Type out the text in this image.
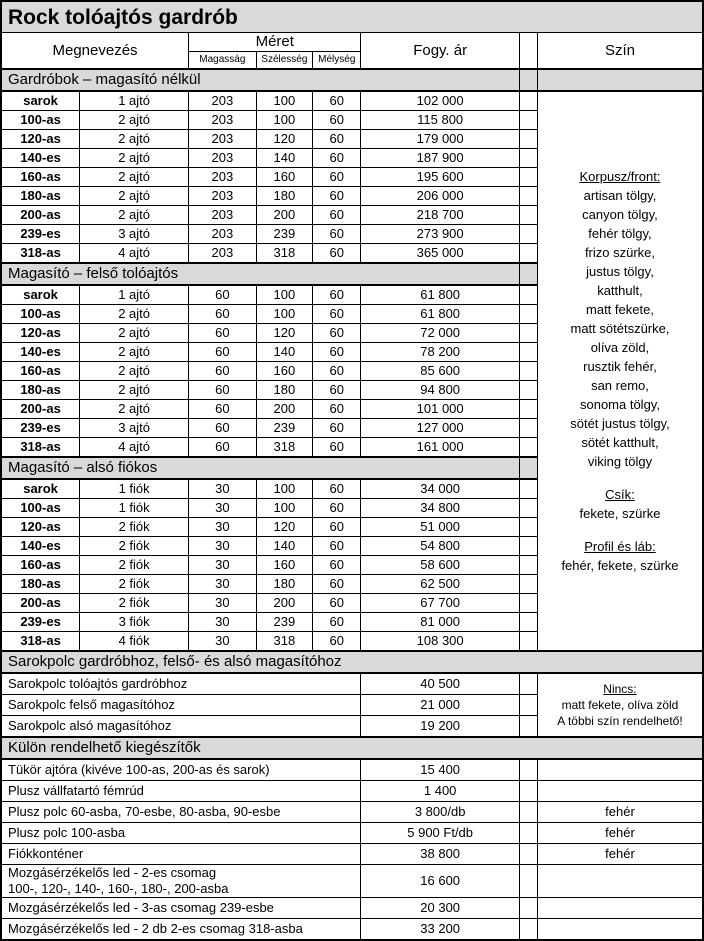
Rock tolóajtós gardrób							
Megnevezés		Méret			Fogy. ár		Szín
		Magasság	Szélesség	Mélység			
Gardróbok – magasító nélkül							
sarok	1 ajtó	203	100	60	102 000		
Korpusz/front:
artisan tölgy,
canyon tölgy,
fehér tölgy,
frizo szürke,
justus tölgy,
katthult,
matt fekete,
matt sötétszürke,
olíva zöld,
rusztik fehér,
san remo,
sonoma tölgy,
sötét justus tölgy,
sötét katthult,
viking tölgy
Csík:
fekete, szürke
Profil és láb:
fehér, fekete, szürke

100-as	2 ajtó	203	100	60	115 800		
120-as	2 ajtó	203	120	60	179 000		
140-es	2 ajtó	203	140	60	187 900		
160-as	2 ajtó	203	160	60	195 600		
180-as	2 ajtó	203	180	60	206 000		
200-as	2 ajtó	203	200	60	218 700		
239-es	3 ajtó	203	239	60	273 900		
318-as	4 ajtó	203	318	60	365 000		
Magasító – felső tolóajtós							
sarok	1 ajtó	60	100	60	61 800		
100-as	2 ajtó	60	100	60	61 800		
120-as	2 ajtó	60	120	60	72 000		
140-es	2 ajtó	60	140	60	78 200		
160-as	2 ajtó	60	160	60	85 600		
180-as	2 ajtó	60	180	60	94 800		
200-as	2 ajtó	60	200	60	101 000		
239-es	3 ajtó	60	239	60	127 000		
318-as	4 ajtó	60	318	60	161 000		
Magasító – alsó fiókos							
sarok	1 fiók	30	100	60	34 000		
100-as	1 fiók	30	100	60	34 800		
120-as	2 fiók	30	120	60	51 000		
140-es	2 fiók	30	140	60	54 800		
160-as	2 fiók	30	160	60	58 600		
180-as	2 fiók	30	180	60	62 500		
200-as	2 fiók	30	200	60	67 700		
239-es	3 fiók	30	239	60	81 000		
318-as	4 fiók	30	318	60	108 300		
Sarokpolc gardróbhoz, felső- és alsó magasítóhoz							
Sarokpolc tolóajtós gardróbhoz					40 500		Nincs:
matt fekete, olíva zöld
A többi szín rendelhető!

Sarokpolc felső magasítóhoz					21 000		
Sarokpolc alsó magasítóhoz					19 200		
Külön rendelhető kiegészítők							
Tükör ajtóra (kivéve 100-as, 200-as és sarok)					15 400		
Plusz vállfatartó fémrúd					1 400		
Plusz polc 60-asba, 70-esbe, 80-asba, 90-esbe					3 800/db		fehér
Plusz polc 100-asba					5 900 Ft/db		fehér
Fiókkonténer					38 800		fehér

Mozgásérzékelős led - 2-es csomag
100-, 120-, 140-, 160-, 180-, 200-asba					16 600		
Mozgásérzékelős led - 3-as csomag 239-esbe					20 300		
Mozgásérzékelős led - 2 db 2-es csomag 318-asba					33 200		
